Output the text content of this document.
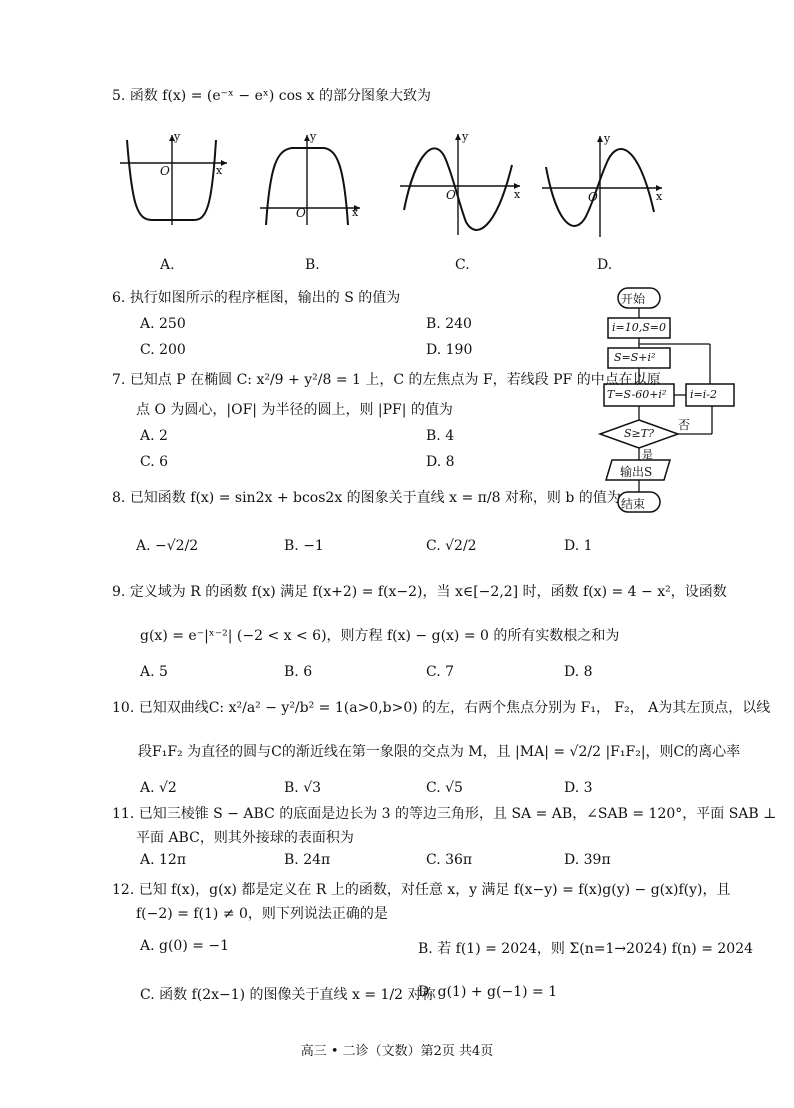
5. 函数 f(x) = (e⁻ˣ − eˣ) cos x 的部分图象大致为
y
x
O
y
x
O
y
x
O
y
x
O
A.	B.	C.	D.
6. 执行如图所示的程序框图，输出的 S 的值为
A. 250	B. 240
C. 200	D. 190
开始
i=10,S=0
S=S+i²
T=S-60+i² i=i-2
S≥T?
否
是
输出S
结束
7. 已知点 P 在椭圆 C: x²/9 + y²/8 = 1 上，C 的左焦点为 F，若线段 PF 的中点在以原
点 O 为圆心，|OF| 为半径的圆上，则 |PF| 的值为
A. 2	B. 4
C. 6	D. 8
8. 已知函数 f(x) = sin2x + bcos2x 的图象关于直线 x = π/8 对称，则 b 的值为
A. −√2/2	B. −1	C. √2/2	D. 1
9. 定义域为 R 的函数 f(x) 满足 f(x+2) = f(x−2)，当 x∈[−2,2] 时，函数 f(x) = 4 − x²，设函数
g(x) = e⁻|ˣ⁻²| (−2 < x < 6)，则方程 f(x) − g(x) = 0 的所有实数根之和为
A. 5	B. 6	C. 7	D. 8
10. 已知双曲线C: x²/a² − y²/b² = 1(a>0,b>0) 的左，右两个焦点分别为 F₁， F₂， A为其左顶点，以线
段F₁F₂ 为直径的圆与C的渐近线在第一象限的交点为 M，且 |MA| = √2/2 |F₁F₂|，则C的离心率
A. √2	B. √3	C. √5	D. 3
11. 已知三棱锥 S − ABC 的底面是边长为 3 的等边三角形，且 SA = AB，∠SAB = 120°，平面 SAB ⊥
平面 ABC，则其外接球的表面积为
A. 12π	B. 24π	C. 36π	D. 39π
12. 已知 f(x)，g(x) 都是定义在 R 上的函数，对任意 x，y 满足 f(x−y) = f(x)g(y) − g(x)f(y)，且
f(−2) = f(1) ≠ 0，则下列说法正确的是
A. g(0) = −1	B. 若 f(1) = 2024，则 Σ(n=1→2024) f(n) = 2024
C. 函数 f(2x−1) 的图像关于直线 x = 1/2 对称
D. g(1) + g(−1) = 1
高三 • 二诊（文数）第2页 共4页
